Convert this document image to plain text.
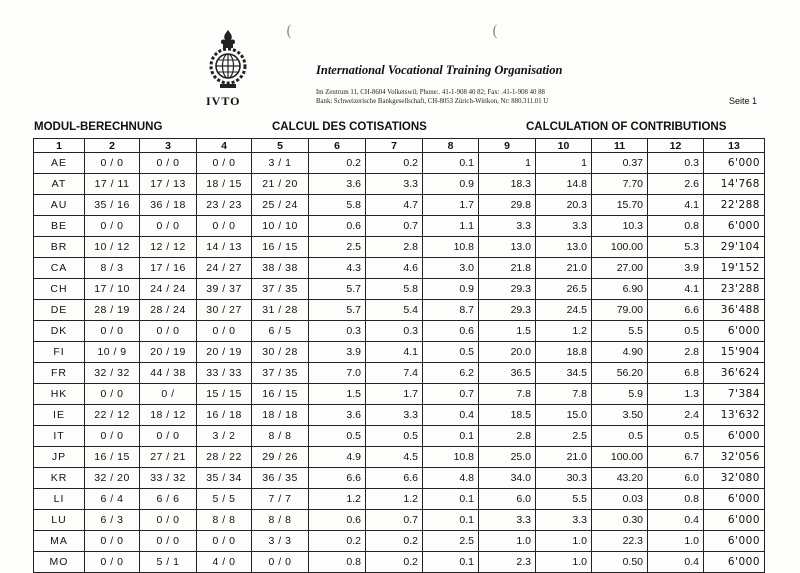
(	(
IVTO
International Vocational Training Organisation
Im Zentrum 11, CH-8604 Volketswil; Phone:. 41-1-908 40 82; Fax: .41-1-908 40 88
Bank: Schweizerische Bankgesellschaft, CH-8053 Zürich-Witikon, Nr: 880.311.01 U	Seite 1
MODUL-BERECHNUNG	CALCUL DES COTISATIONS	CALCULATION OF CONTRIBUTIONS
1	2	3	4	5	6	7	8	9	10	11	12	13
AE	0 / 0	0 / 0	0 / 0	3 / 1	0.2	0.2	0.1	1	1	0.37	0.3	6'000
AT	17 / 11	17 / 13	18 / 15	21 / 20	3.6	3.3	0.9	18.3	14.8	7.70	2.6	14'768
AU	35 / 16	36 / 18	23 / 23	25 / 24	5.8	4.7	1.7	29.8	20.3	15.70	4.1	22'288
BE	0 / 0	0 / 0	0 / 0	10 / 10	0.6	0.7	1.1	3.3	3.3	10.3	0.8	6'000
BR	10 / 12	12 / 12	14 / 13	16 / 15	2.5	2.8	10.8	13.0	13.0	100.00	5.3	29'104
CA	8 / 3	17 / 16	24 / 27	38 / 38	4.3	4.6	3.0	21.8	21.0	27.00	3.9	19'152
CH	17 / 10	24 / 24	39 / 37	37 / 35	5.7	5.8	0.9	29.3	26.5	6.90	4.1	23'288
DE	28 / 19	28 / 24	30 / 27	31 / 28	5.7	5.4	8.7	29.3	24.5	79.00	6.6	36'488
DK	0 / 0	0 / 0	0 / 0	6 / 5	0.3	0.3	0.6	1.5	1.2	5.5	0.5	6'000
FI	10 / 9	20 / 19	20 / 19	30 / 28	3.9	4.1	0.5	20.0	18.8	4.90	2.8	15'904
FR	32 / 32	44 / 38	33 / 33	37 / 35	7.0	7.4	6.2	36.5	34.5	56.20	6.8	36'624
HK	0 / 0	0 /	15 / 15	16 / 15	1.5	1.7	0.7	7.8	7.8	5.9	1.3	7'384
IE	22 / 12	18 / 12	16 / 18	18 / 18	3.6	3.3	0.4	18.5	15.0	3.50	2.4	13'632
IT	0 / 0	0 / 0	3 / 2	8 / 8	0.5	0.5	0.1	2.8	2.5	0.5	0.5	6'000
JP	16 / 15	27 / 21	28 / 22	29 / 26	4.9	4.5	10.8	25.0	21.0	100.00	6.7	32'056
KR	32 / 20	33 / 32	35 / 34	36 / 35	6.6	6.6	4.8	34.0	30.3	43.20	6.0	32'080
LI	6 / 4	6 / 6	5 / 5	7 / 7	1.2	1.2	0.1	6.0	5.5	0.03	0.8	6'000
LU	6 / 3	0 / 0	8 / 8	8 / 8	0.6	0.7	0.1	3.3	3.3	0.30	0.4	6'000
MA	0 / 0	0 / 0	0 / 0	3 / 3	0.2	0.2	2.5	1.0	1.0	22.3	1.0	6'000
MO	0 / 0	5 / 1	4 / 0	0 / 0	0.8	0.2	0.1	2.3	1.0	0.50	0.4	6'000
